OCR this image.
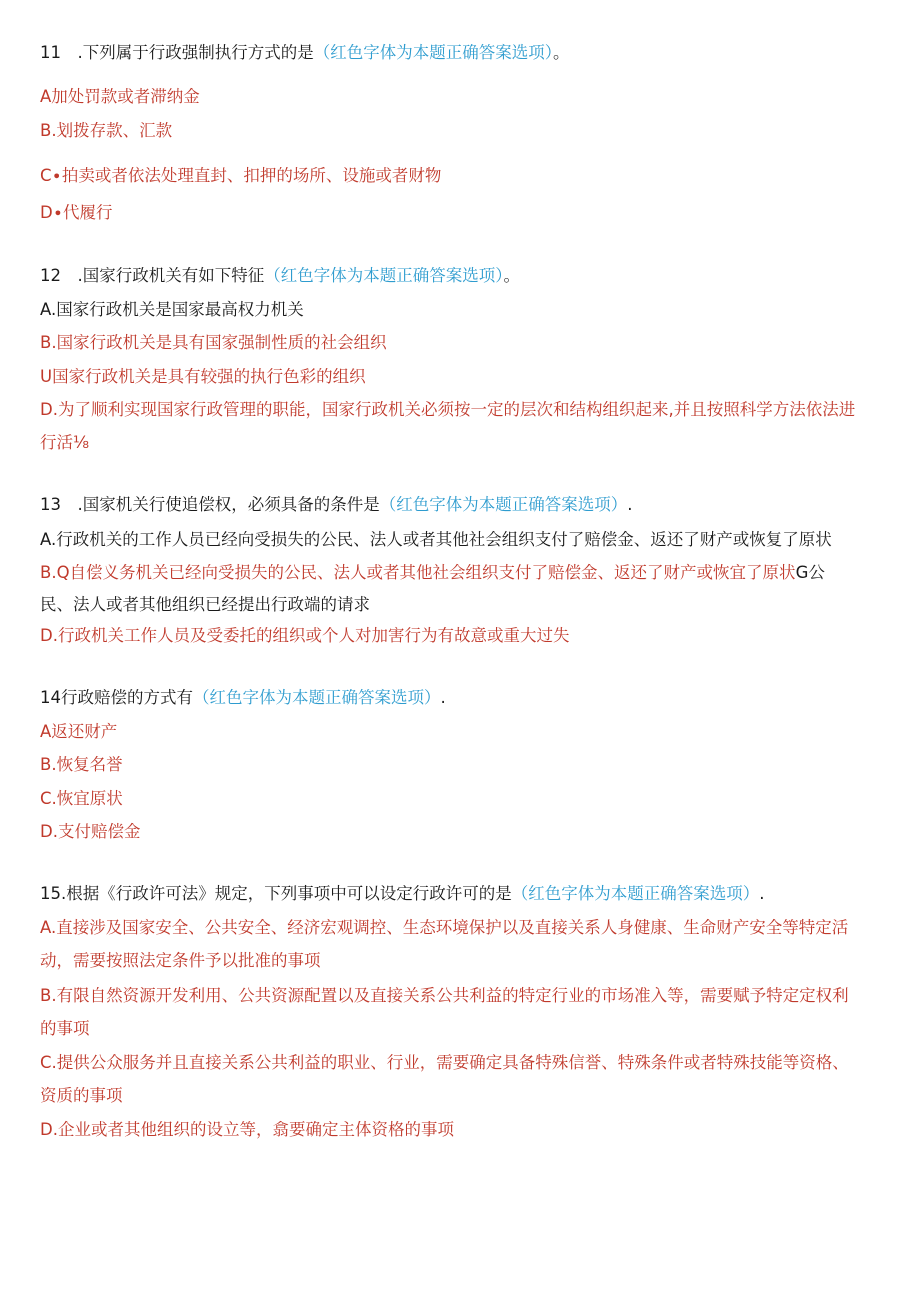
11　.下列属于行政强制执行方式的是（红色字体为本题正确答案选项）。
A加处罚款或者滞纳金
B.划拨存款、汇款
C∙拍卖或者依法处理直封、扣押的场所、设施或者财物
D∙代履行
12　.国家行政机关有如下特征（红色字体为本题正确答案选项）。
A.国家行政机关是国家最高权力机关
B.国家行政机关是具有国家强制性质的社会组织
U国家行政机关是具有较强的执行色彩的组织
D.为了顺利实现国家行政管理的职能，国家行政机关必须按一定的层次和结构组织起来,并且按照科学方法依法进
行活⅛
13　.国家机关行使追偿权，必须具备的条件是（红色字体为本题正确答案选项）.
A.行政机关的工作人员已经向受损失的公民、法人或者其他社会组织支付了赔偿金、返还了财产或恢复了原状
B.Q自偿义务机关已经向受损失的公民、法人或者其他社会组织支付了赔偿金、返还了财产或恢宜了原状G公
民、法人或者其他组织已经提出行政端的请求
D.行政机关工作人员及受委托的组织或个人对加害行为有故意或重大过失
14行政赔偿的方式有（红色字体为本题正确答案选项）.
A返还财产
B.恢复名誉
C.恢宜原状
D.支付赔偿金
15.根据《行政许可法》规定，下列事项中可以设定行政许可的是（红色字体为本题正确答案选项）.
A.直接涉及国家安全、公共安全、经济宏观调控、生态环境保护以及直接关系人身健康、生命财产安全等特定活
动，需要按照法定条件予以批准的事项
B.有限自然资源开发利用、公共资源配置以及直接关系公共利益的特定行业的市场准入等，需要赋予特定定权利
的事项
C.提供公众服务并且直接关系公共利益的职业、行业，需要确定具备特殊信誉、特殊条件或者特殊技能等资格、
资质的事项
D.企业或者其他组织的设立等，翕要确定主体资格的事项
